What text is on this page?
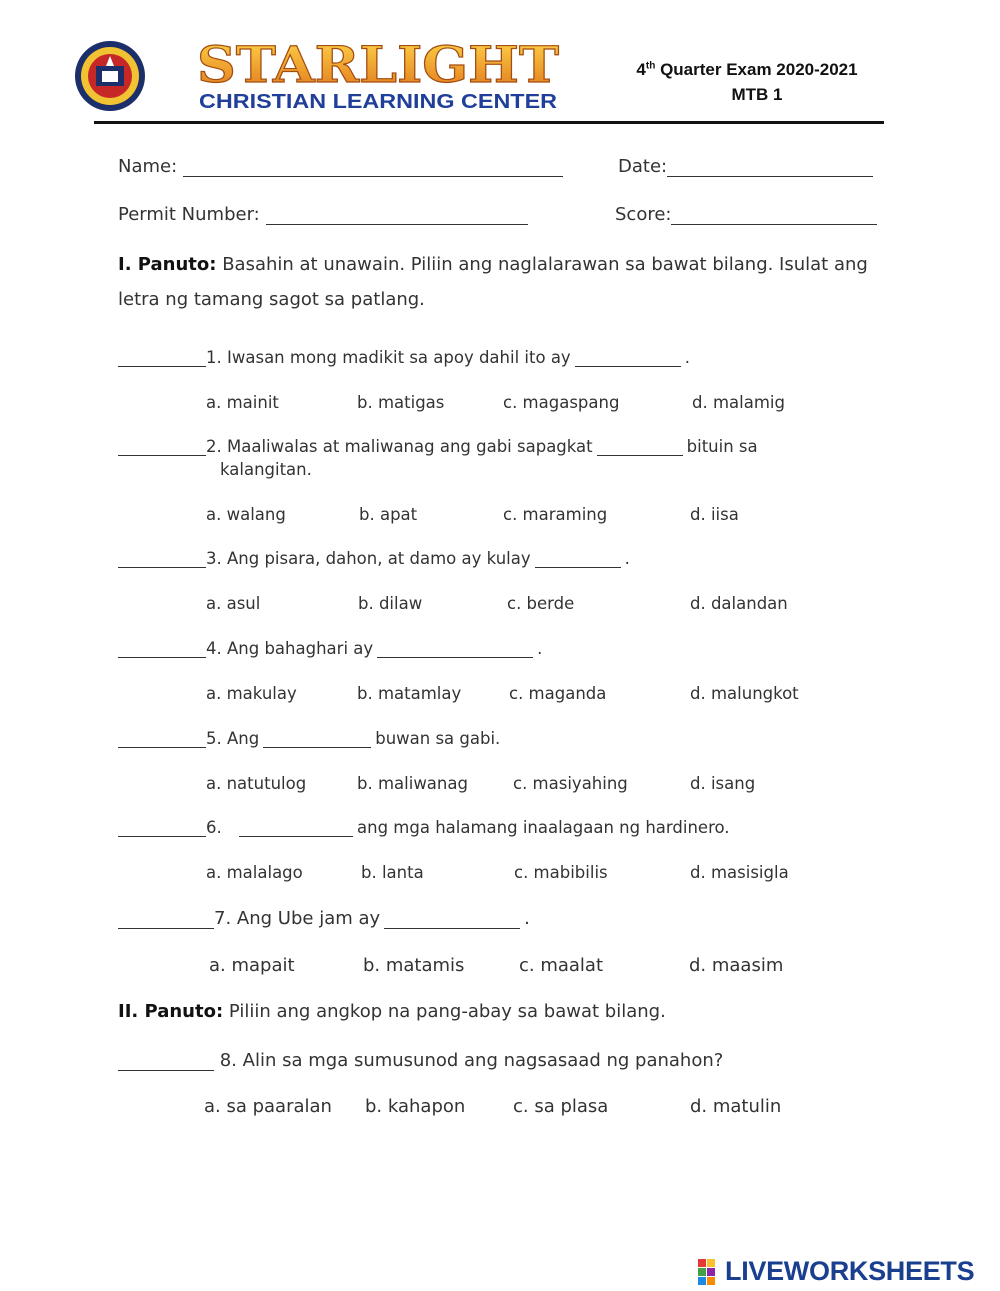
STARLIGHT
CHRISTIAN LEARNING CENTER
4th Quarter Exam 2020-2021
MTB 1
Name:	Date:
Permit Number:	Score:
I. Panuto: Basahin at unawain. Piliin ang naglalarawan sa bawat bilang. Isulat ang
letra ng tamang sagot sa patlang.
1.
Iwasan mong madikit sa apoy dahil ito ay	.
a. mainit	b. matigas	c. magaspang	d. malamig
2.
Maaliwalas at maliwanag ang gabi sapagkat	bituin sa
kalangitan.
a. walang	b. apat	c. maraming	d. iisa
3.
Ang pisara, dahon, at damo ay kulay	.
a. asul	b. dilaw	c. berde	d. dalandan
4.
Ang bahaghari ay	.
a. makulay	b. matamlay	c. maganda	d. malungkot
5.
Ang	buwan sa gabi.
a. natutulog	b. maliwanag	c. masiyahing	d. isang
6.
	ang mga halamang inaalagaan ng hardinero.
a. malalago	b. lanta	c. mabibilis	d. masisigla
7.
Ang Ube jam ay	.
a. mapait	b. matamis	c. maalat	d. maasim
II. Panuto: Piliin ang angkop na pang-abay sa bawat bilang.

8.
Alin sa mga sumusunod ang nagsasaad ng panahon?
a. sa paaralan b. kahapon	c. sa plasa	d. matulin
LIVEWORKSHEETS
